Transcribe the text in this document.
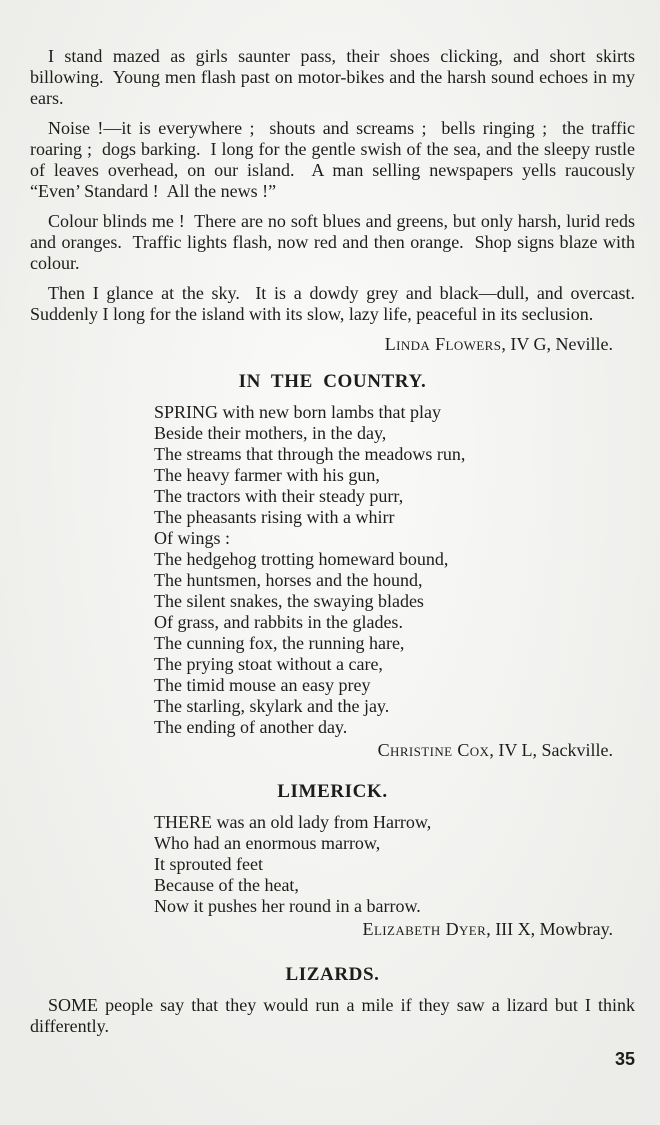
I stand mazed as girls saunter pass, their shoes clicking, and short skirts billowing.  Young men flash past on motor-bikes and the harsh sound echoes in my ears.

Noise !—it is everywhere ;  shouts and screams ;  bells ringing ;  the traffic roaring ;  dogs barking.  I long for the gentle swish of the sea, and the sleepy rustle of leaves overhead, on our island.  A man selling newspapers yells raucously “Even’ Standard !  All the news !”

Colour blinds me !  There are no soft blues and greens, but only harsh, lurid reds and oranges.  Traffic lights flash, now red and then orange.  Shop signs blaze with colour.

Then I glance at the sky.  It is a dowdy grey and black—dull, and overcast.  Suddenly I long for the island with its slow, lazy life, peaceful in its seclusion.

Linda Flowers, IV G, Neville.
IN THE COUNTRY.
SPRING with new born lambs that play
Beside their mothers, in the day,
The streams that through the meadows run,
The heavy farmer with his gun,
The tractors with their steady purr,
The pheasants rising with a whirr
Of wings :
The hedgehog trotting homeward bound,
The huntsmen, horses and the hound,
The silent snakes, the swaying blades
Of grass, and rabbits in the glades.
The cunning fox, the running hare,
The prying stoat without a care,
The timid mouse an easy prey
The starling, skylark and the jay.
The ending of another day.
Christine Cox, IV L, Sackville.
LIMERICK.
THERE was an old lady from Harrow,
Who had an enormous marrow,
It sprouted feet
Because of the heat,
Now it pushes her round in a barrow.
Elizabeth Dyer, III X, Mowbray.
LIZARDS.

SOME people say that they would run a mile if they saw a lizard but I think differently.

35
